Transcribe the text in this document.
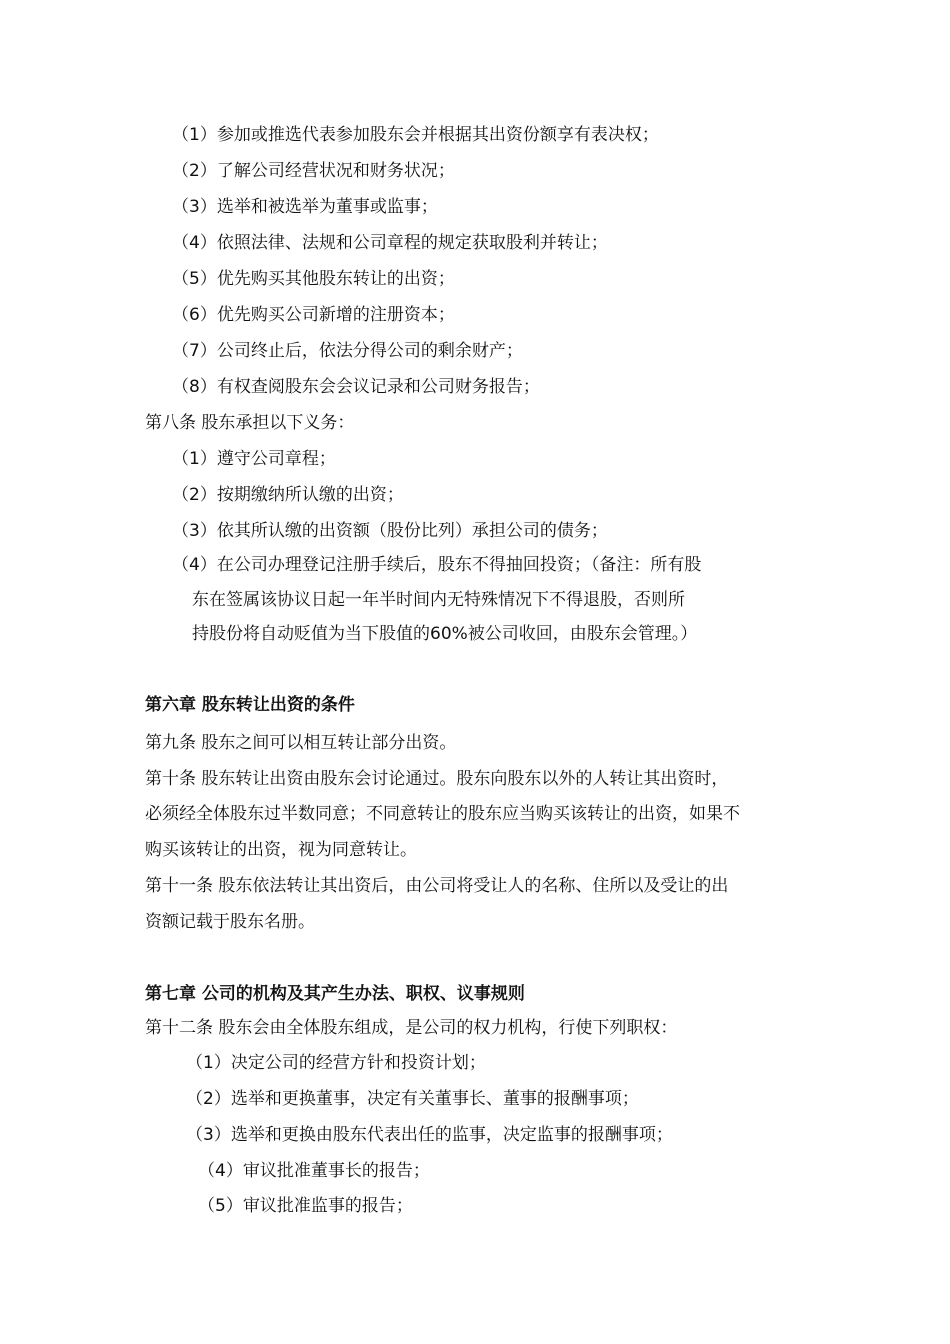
（1）参加或推选代表参加股东会并根据其出资份额享有表决权；
（2）了解公司经营状况和财务状况；
（3）选举和被选举为董事或监事；
（4）依照法律、法规和公司章程的规定获取股利并转让；
（5）优先购买其他股东转让的出资；
（6）优先购买公司新增的注册资本；
（7）公司终止后，依法分得公司的剩余财产；
（8）有权查阅股东会会议记录和公司财务报告；
第八条 股东承担以下义务：
（1）遵守公司章程；
（2）按期缴纳所认缴的出资；
（3）依其所认缴的出资额（股份比列）承担公司的债务；
（4）在公司办理登记注册手续后，股东不得抽回投资；（备注：所有股
东在签属该协议日起一年半时间内无特殊情况下不得退股，否则所
持股份将自动贬值为当下股值的60%被公司收回，由股东会管理。）
第六章 股东转让出资的条件
第九条 股东之间可以相互转让部分出资。
第十条 股东转让出资由股东会讨论通过。股东向股东以外的人转让其出资时，
必须经全体股东过半数同意；不同意转让的股东应当购买该转让的出资，如果不
购买该转让的出资，视为同意转让。
第十一条 股东依法转让其出资后，由公司将受让人的名称、住所以及受让的出
资额记载于股东名册。
第七章 公司的机构及其产生办法、职权、议事规则
第十二条 股东会由全体股东组成，是公司的权力机构，行使下列职权：
（1）决定公司的经营方针和投资计划；
（2）选举和更换董事，决定有关董事长、董事的报酬事项；
（3）选举和更换由股东代表出任的监事，决定监事的报酬事项；
（4）审议批准董事长的报告；
（5）审议批准监事的报告；
